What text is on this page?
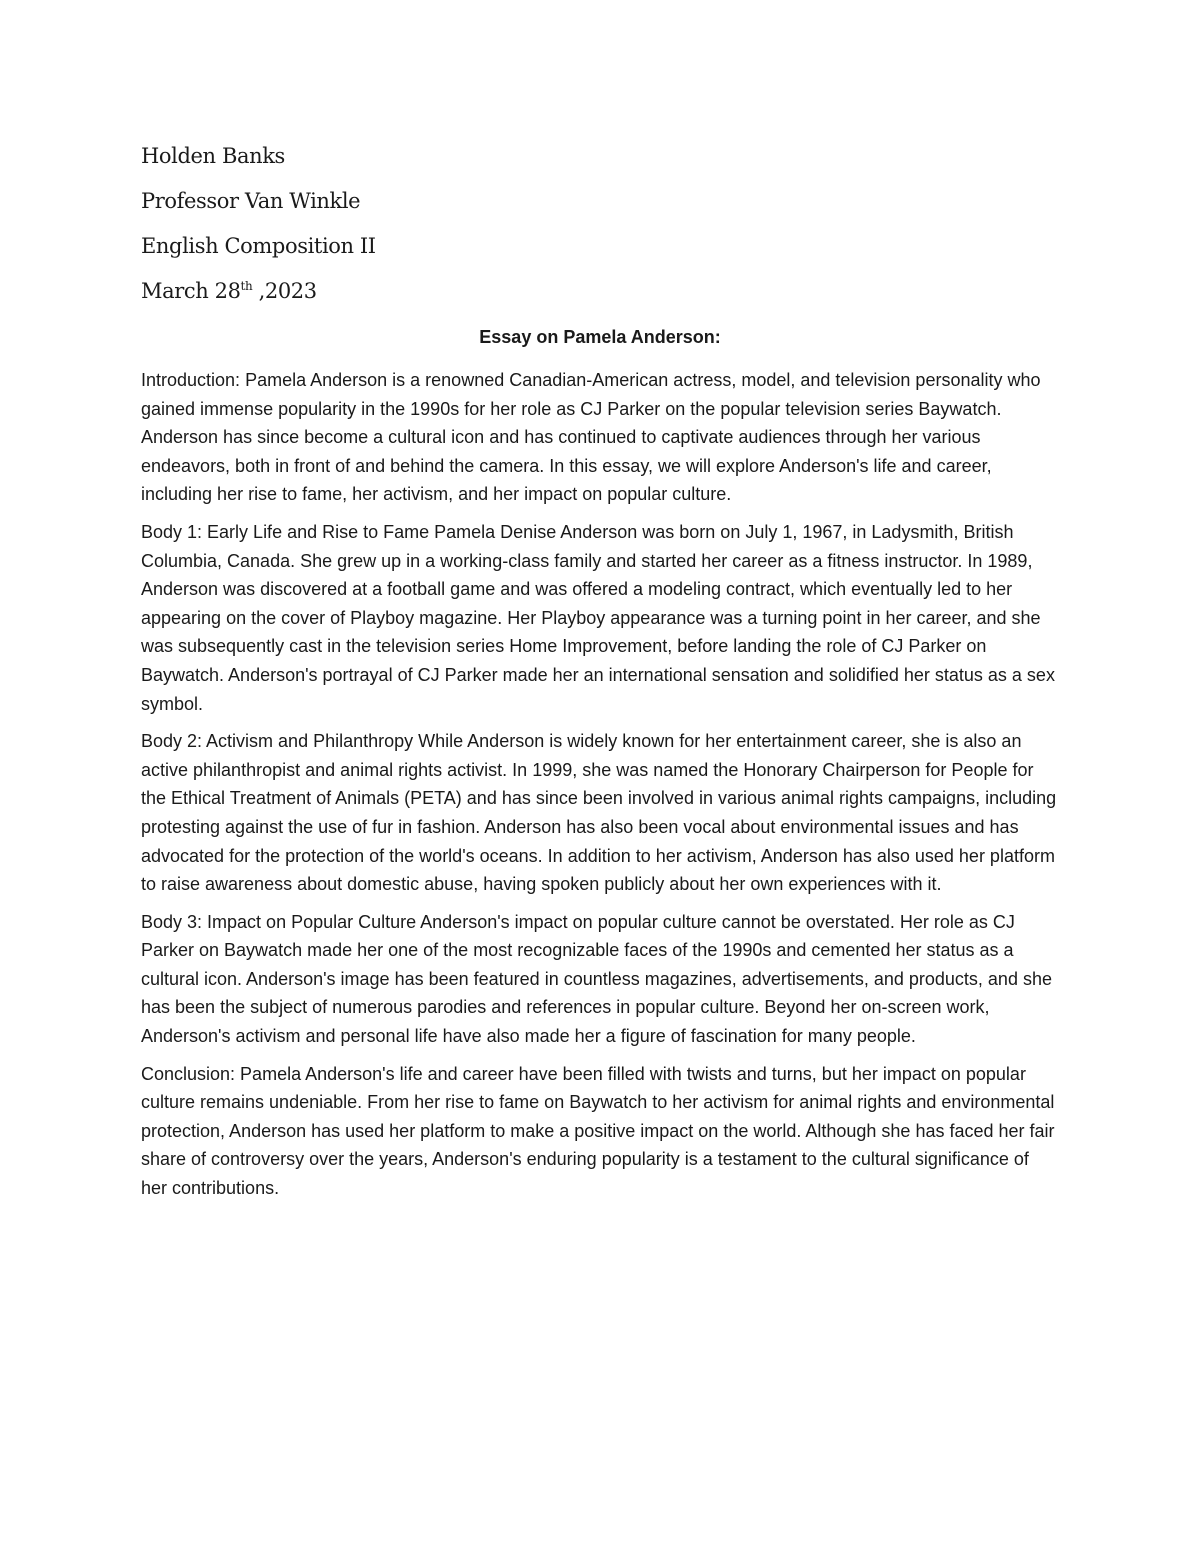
Holden Banks
Professor Van Winkle
English Composition II
March 28th ,2023
Essay on Pamela Anderson:

Introduction: Pamela Anderson is a renowned Canadian-American actress, model, and television personality who gained immense popularity in the 1990s for her role as CJ Parker on the popular television series Baywatch. Anderson has since become a cultural icon and has continued to captivate audiences through her various endeavors, both in front of and behind the camera. In this essay, we will explore Anderson's life and career, including her rise to fame, her activism, and her impact on popular culture.

Body 1: Early Life and Rise to Fame Pamela Denise Anderson was born on July 1, 1967, in Ladysmith, British Columbia, Canada. She grew up in a working-class family and started her career as a fitness instructor. In 1989, Anderson was discovered at a football game and was offered a modeling contract, which eventually led to her appearing on the cover of Playboy magazine. Her Playboy appearance was a turning point in her career, and she was subsequently cast in the television series Home Improvement, before landing the role of CJ Parker on Baywatch. Anderson's portrayal of CJ Parker made her an international sensation and solidified her status as a sex symbol.

Body 2: Activism and Philanthropy While Anderson is widely known for her entertainment career, she is also an active philanthropist and animal rights activist. In 1999, she was named the Honorary Chairperson for People for the Ethical Treatment of Animals (PETA) and has since been involved in various animal rights campaigns, including protesting against the use of fur in fashion. Anderson has also been vocal about environmental issues and has advocated for the protection of the world's oceans. In addition to her activism, Anderson has also used her platform to raise awareness about domestic abuse, having spoken publicly about her own experiences with it.

Body 3: Impact on Popular Culture Anderson's impact on popular culture cannot be overstated. Her role as CJ Parker on Baywatch made her one of the most recognizable faces of the 1990s and cemented her status as a cultural icon. Anderson's image has been featured in countless magazines, advertisements, and products, and she has been the subject of numerous parodies and references in popular culture. Beyond her on-screen work, Anderson's activism and personal life have also made her a figure of fascination for many people.

Conclusion: Pamela Anderson's life and career have been filled with twists and turns, but her impact on popular culture remains undeniable. From her rise to fame on Baywatch to her activism for animal rights and environmental protection, Anderson has used her platform to make a positive impact on the world. Although she has faced her fair share of controversy over the years, Anderson's enduring popularity is a testament to the cultural significance of her contributions.
